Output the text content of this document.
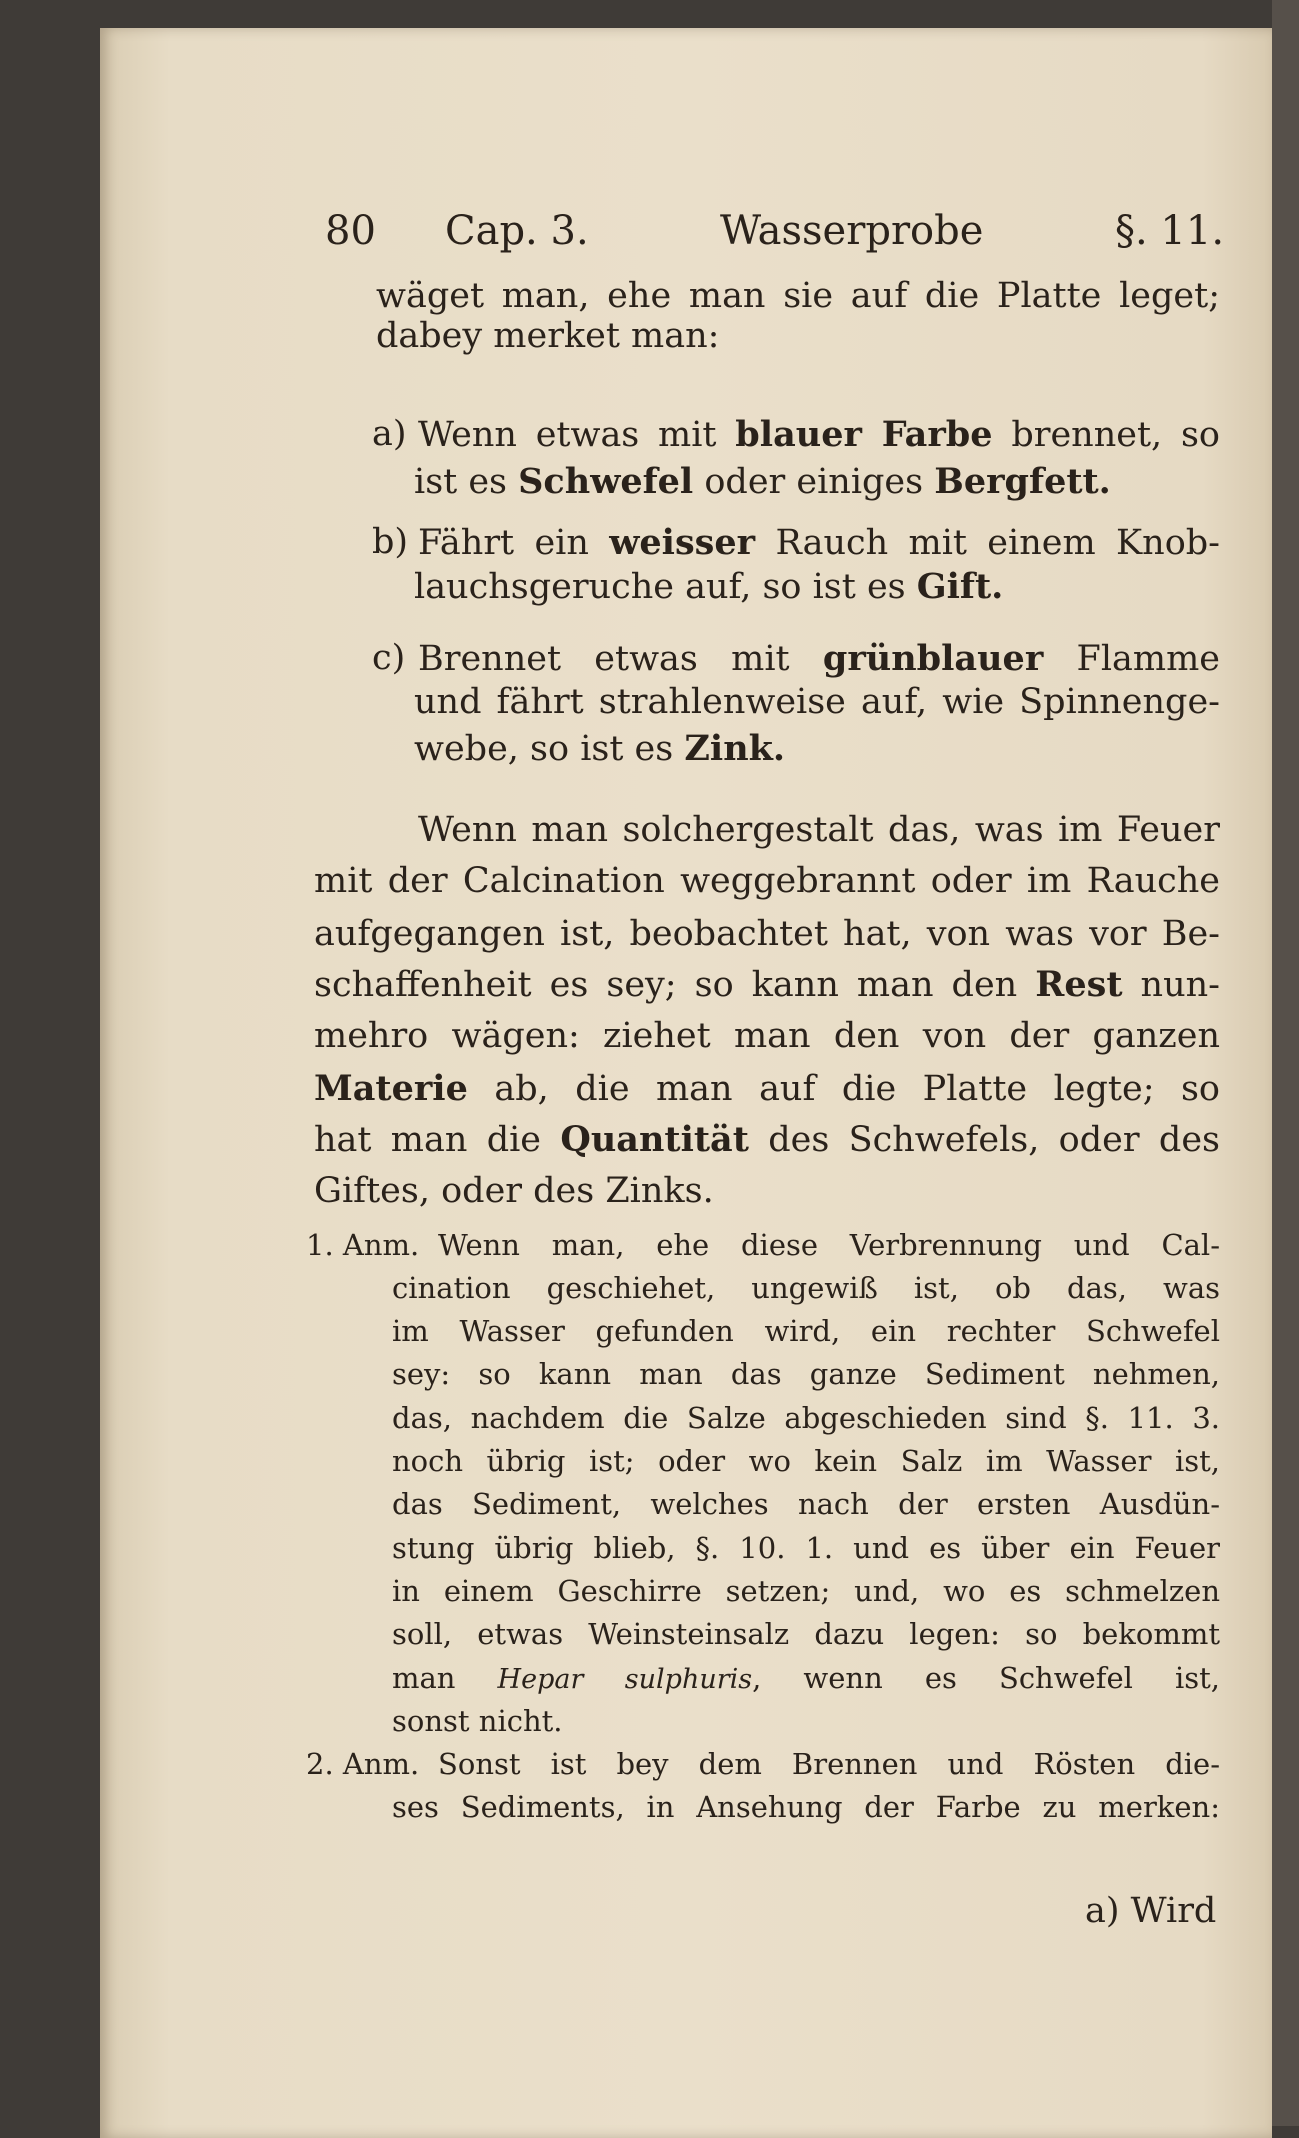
80 Cap. 3.	Wasserprobe	§. 11.
wäget man, ehe man sie auf die Platte leget;
dabey merket man:
a) Wenn etwas mit blauer Farbe brennet, so
ist es Schwefel oder einiges Bergfett.
b) Fährt ein weisser Rauch mit einem Knob-
lauchsgeruche auf, so ist es Gift.
c) Brennet etwas mit grünblauer Flamme
und fährt strahlenweise auf, wie Spinnenge-
webe, so ist es Zink.
Wenn man solchergestalt das, was im Feuer
mit der Calcination weggebrannt oder im Rauche
aufgegangen ist, beobachtet hat, von was vor Be-
schaffenheit es sey; so kann man den Rest nun-
mehro wägen: ziehet man den von der ganzen
Materie ab, die man auf die Platte legte; so
hat man die Quantität des Schwefels, oder des
Giftes, oder des Zinks.
1. Anm. Wenn man, ehe diese Verbrennung und Cal-
cination geschiehet, ungewiß ist, ob das, was
im Wasser gefunden wird, ein rechter Schwefel
sey: so kann man das ganze Sediment nehmen,
das, nachdem die Salze abgeschieden sind §. 11. 3.
noch übrig ist; oder wo kein Salz im Wasser ist,
das Sediment, welches nach der ersten Ausdün-
stung übrig blieb, §. 10. 1. und es über ein Feuer
in einem Geschirre setzen; und, wo es schmelzen
soll, etwas Weinsteinsalz dazu legen: so bekommt
man Hepar sulphuris, wenn es Schwefel ist,
sonst nicht.
2. Anm. Sonst ist bey dem Brennen und Rösten die-
ses Sediments, in Ansehung der Farbe zu merken:
a) Wird
